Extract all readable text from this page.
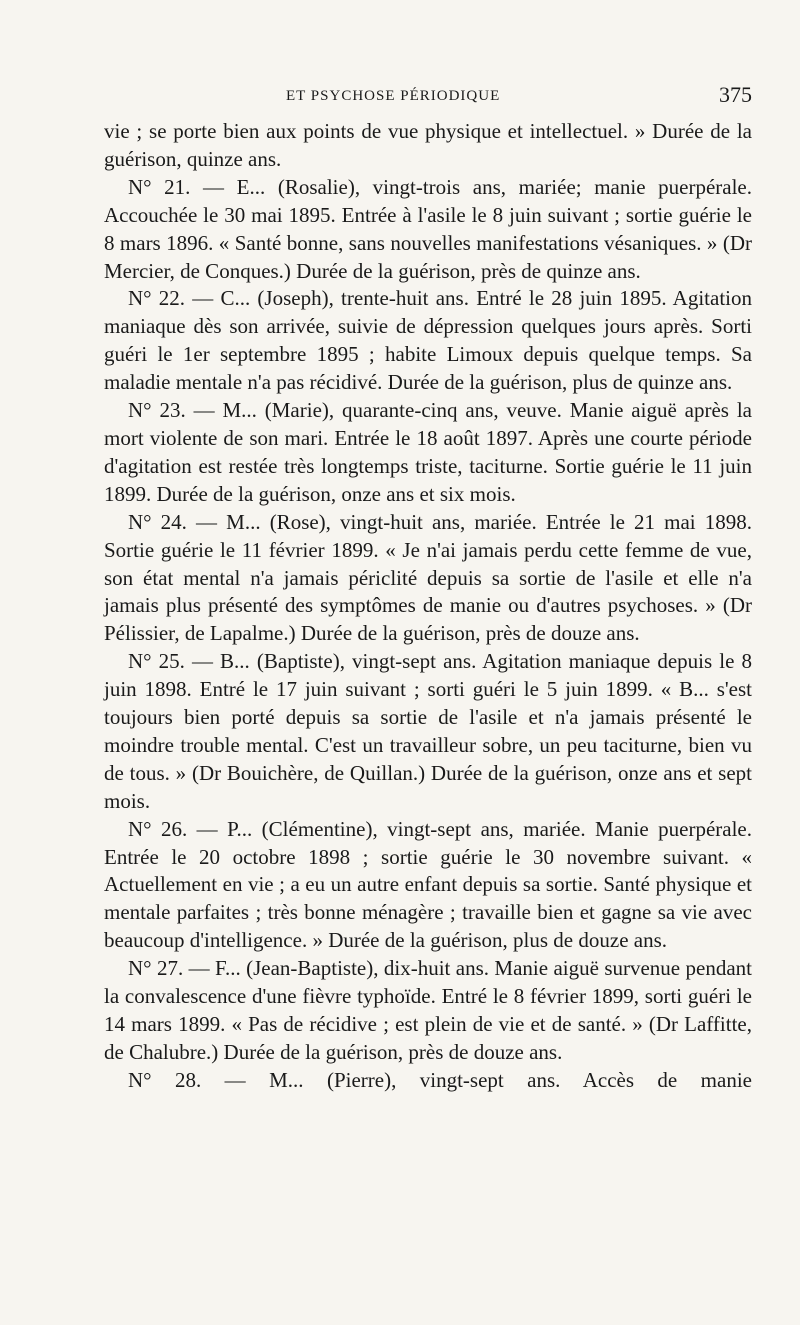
ET PSYCHOSE PÉRIODIQUE	375

vie ; se porte bien aux points de vue physique et intellectuel. » Durée de la guérison, quinze ans.

N° 21. — E... (Rosalie), vingt-trois ans, mariée; manie puerpérale. Accouchée le 30 mai 1895. Entrée à l'asile le 8 juin suivant ; sortie guérie le 8 mars 1896. « Santé bonne, sans nouvelles manifestations vésaniques. » (Dr Mercier, de Conques.) Durée de la guérison, près de quinze ans.

N° 22. — C... (Joseph), trente-huit ans. Entré le 28 juin 1895. Agitation maniaque dès son arrivée, suivie de dépression quelques jours après. Sorti guéri le 1er septembre 1895 ; habite Limoux depuis quelque temps. Sa maladie mentale n'a pas récidivé. Durée de la guérison, plus de quinze ans.

N° 23. — M... (Marie), quarante-cinq ans, veuve. Manie aiguë après la mort violente de son mari. Entrée le 18 août 1897. Après une courte période d'agitation est restée très longtemps triste, taciturne. Sortie guérie le 11 juin 1899. Durée de la guérison, onze ans et six mois.

N° 24. — M... (Rose), vingt-huit ans, mariée. Entrée le 21 mai 1898. Sortie guérie le 11 février 1899. « Je n'ai jamais perdu cette femme de vue, son état mental n'a jamais périclité depuis sa sortie de l'asile et elle n'a jamais plus présenté des symptômes de manie ou d'autres psychoses. » (Dr Pélissier, de Lapalme.) Durée de la guérison, près de douze ans.

N° 25. — B... (Baptiste), vingt-sept ans. Agitation maniaque depuis le 8 juin 1898. Entré le 17 juin suivant ; sorti guéri le 5 juin 1899. « B... s'est toujours bien porté depuis sa sortie de l'asile et n'a jamais présenté le moindre trouble mental. C'est un travailleur sobre, un peu taciturne, bien vu de tous. » (Dr Bouichère, de Quillan.) Durée de la guérison, onze ans et sept mois.

N° 26. — P... (Clémentine), vingt-sept ans, mariée. Manie puerpérale. Entrée le 20 octobre 1898 ; sortie guérie le 30 novembre suivant. « Actuellement en vie ; a eu un autre enfant depuis sa sortie. Santé physique et mentale parfaites ; très bonne ménagère ; travaille bien et gagne sa vie avec beaucoup d'intelligence. » Durée de la guérison, plus de douze ans.

N° 27. — F... (Jean-Baptiste), dix-huit ans. Manie aiguë survenue pendant la convalescence d'une fièvre typhoïde. Entré le 8 février 1899, sorti guéri le 14 mars 1899. « Pas de récidive ; est plein de vie et de santé. » (Dr Laffitte, de Chalubre.) Durée de la guérison, près de douze ans.

N° 28. — M... (Pierre), vingt-sept ans. Accès de manie
